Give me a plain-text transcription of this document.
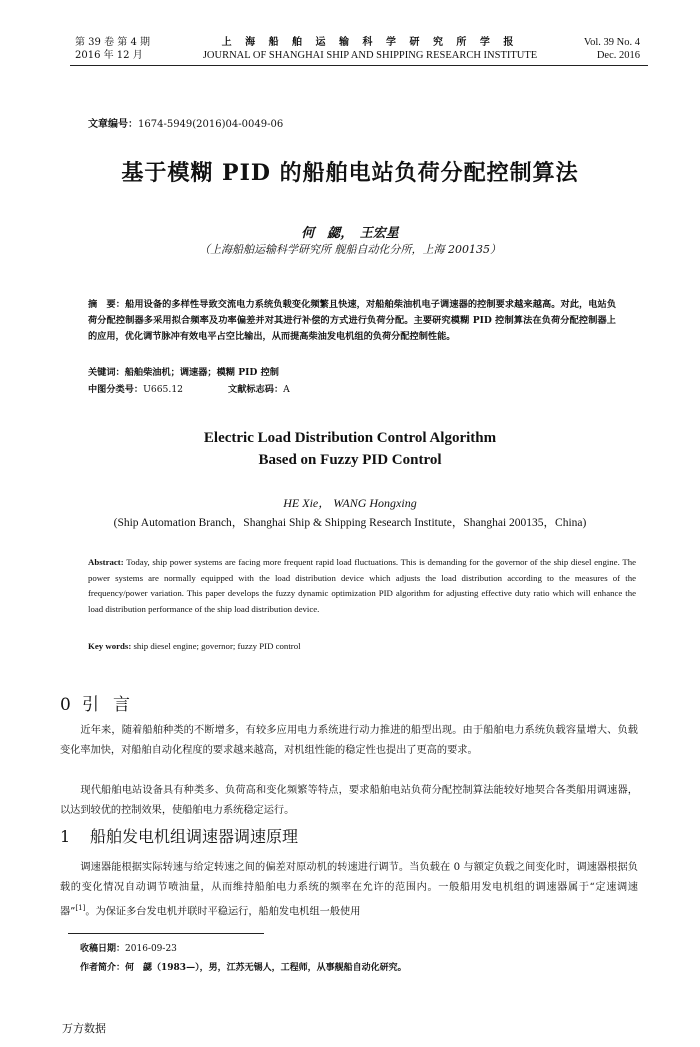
第 39 卷 第 4 期
2016 年 12 月
上 海 船 舶 运 输 科 学 研 究 所 学 报
JOURNAL OF SHANGHAI SHIP AND SHIPPING RESEARCH INSTITUTE
Vol. 39 No. 4
Dec. 2016
文章编号：1674-5949(2016)04-0049-06
基于模糊 PID 的船舶电站负荷分配控制算法
何　勰，　王宏星
（上海船舶运输科学研究所 舰船自动化分所，上海 200135）
摘　要：船用设备的多样性导致交流电力系统负载变化频繁且快速，对船舶柴油机电子调速器的控制要求越来越高。对此，电站负荷分配控制器多采用拟合频率及功率偏差并对其进行补偿的方式进行负荷分配。主要研究模糊 PID 控制算法在负荷分配控制器上的应用，优化调节脉冲有效电平占空比输出，从而提高柴油发电机组的负荷分配控制性能。
关键词：船舶柴油机；调速器；模糊 PID 控制
中图分类号：U665.12	文献标志码：A
Electric Load Distribution Control Algorithm
Based on Fuzzy PID Control
HE Xie， WANG Hongxing
(Ship Automation Branch，Shanghai Ship & Shipping Research Institute，Shanghai 200135，China)
Abstract: Today, ship power systems are facing more frequent rapid load fluctuations. This is demanding for the governor of the ship diesel engine. The power systems are normally equipped with the load distribution device which adjusts the load distribution according to the measures of the frequency/power variation. This paper develops the fuzzy dynamic optimization PID algorithm for adjusting effective duty ratio which will enhance the load distribution performance of the ship load distribution device.
Key words: ship diesel engine; governor; fuzzy PID control
0 引言
近年来，随着船舶种类的不断增多，有较多应用电力系统进行动力推进的船型出现。由于船舶电力系统负载容量增大、负载变化率加快，对船舶自动化程度的要求越来越高，对机组性能的稳定性也提出了更高的要求。
现代船舶电站设备具有种类多、负荷高和变化频繁等特点，要求船舶电站负荷分配控制算法能较好地契合各类船用调速器，以达到较优的控制效果，使船舶电力系统稳定运行。
1 船舶发电机组调速器调速原理
调速器能根据实际转速与给定转速之间的偏差对原动机的转速进行调节。当负载在 0 与额定负载之间变化时，调速器根据负载的变化情况自动调节喷油量，从而维持船舶电力系统的频率在允许的范围内。一般船用发电机组的调速器属于“定速调速器”[1]。为保证多台发电机并联时平稳运行，船舶发电机组一般使用
收稿日期：2016-09-23
作者简介：何　勰（1983—），男，江苏无锡人，工程师，从事舰船自动化研究。
万方数据
